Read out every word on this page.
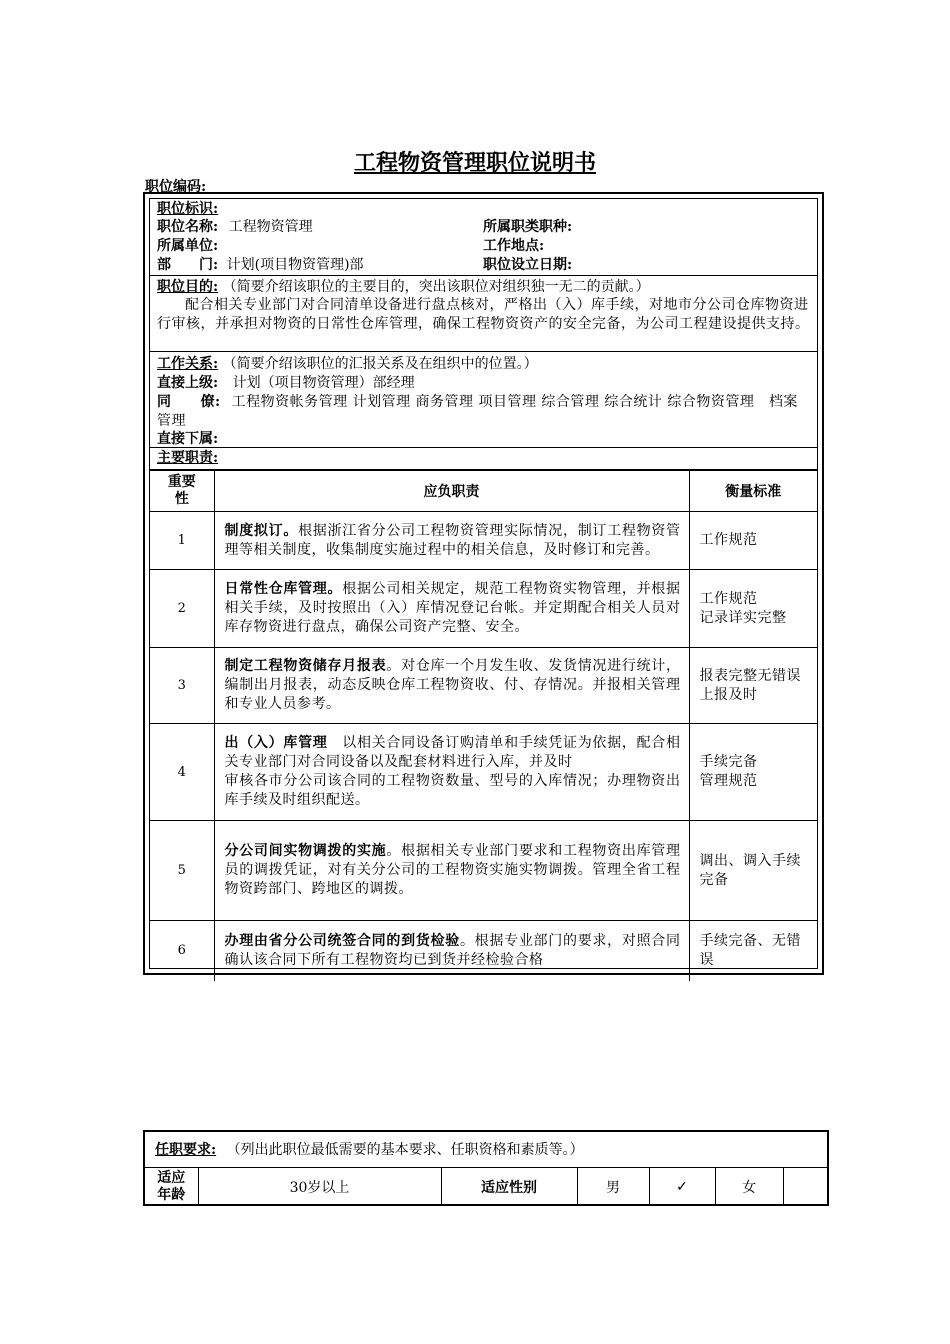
工程物资管理职位说明书
职位编码:
职位标识:
职位名称: 工程物资管理	所属职类职种:
所属单位:	工作地点:
部　　门: 计划(项目物资管理)部	职位设立日期:
职位目的: （简要介绍该职位的主要目的，突出该职位对组织独一无二的贡献。）
配合相关专业部门对合同清单设备进行盘点核对，严格出（入）库手续，对地市分公司仓库物资进行审核，并承担对物资的日常性仓库管理，确保工程物资资产的安全完备，为公司工程建设提供支持。
工作关系: （简要介绍该职位的汇报关系及在组织中的位置。）
直接上级: 计划（项目物资管理）部经理
同　　僚: 工程物资帐务管理 计划管理 商务管理 项目管理 综合管理 综合统计 综合物资管理　档案管理
直接下属:
主要职责:
重要性	应负职责	衡量标准
1	制度拟订。根据浙江省分公司工程物资管理实际情况，制订工程物资管理等相关制度，收集制度实施过程中的相关信息，及时修订和完善。	工作规范
2	日常性仓库管理。根据公司相关规定，规范工程物资实物管理，并根据相关手续，及时按照出（入）库情况登记台帐。并定期配合相关人员对库存物资进行盘点，确保公司资产完整、安全。	工作规范
记录详实完整
3	制定工程物资储存月报表。对仓库一个月发生收、发货情况进行统计，编制出月报表，动态反映仓库工程物资收、付、存情况。并报相关管理和专业人员参考。	报表完整无错误
上报及时
4	出（入）库管理　以相关合同设备订购清单和手续凭证为依据，配合相关专业部门对合同设备以及配套材料进行入库，并及时
审核各市分公司该合同的工程物资数量、型号的入库情况；办理物资出库手续及时组织配送。	手续完备
管理规范
5	分公司间实物调拨的实施。根据相关专业部门要求和工程物资出库管理员的调拨凭证，对有关分公司的工程物资实施实物调拨。管理全省工程物资跨部门、跨地区的调拨。	调出、调入手续完备
6	办理由省分公司统签合同的到货检验。根据专业部门的要求，对照合同确认该合同下所有工程物资均已到货并经检验合格	手续完备、无错误
任职要求: （列出此职位最低需要的基本要求、任职资格和素质等。）
适应
年龄	30岁以上	适应性别	男	✓	女	
